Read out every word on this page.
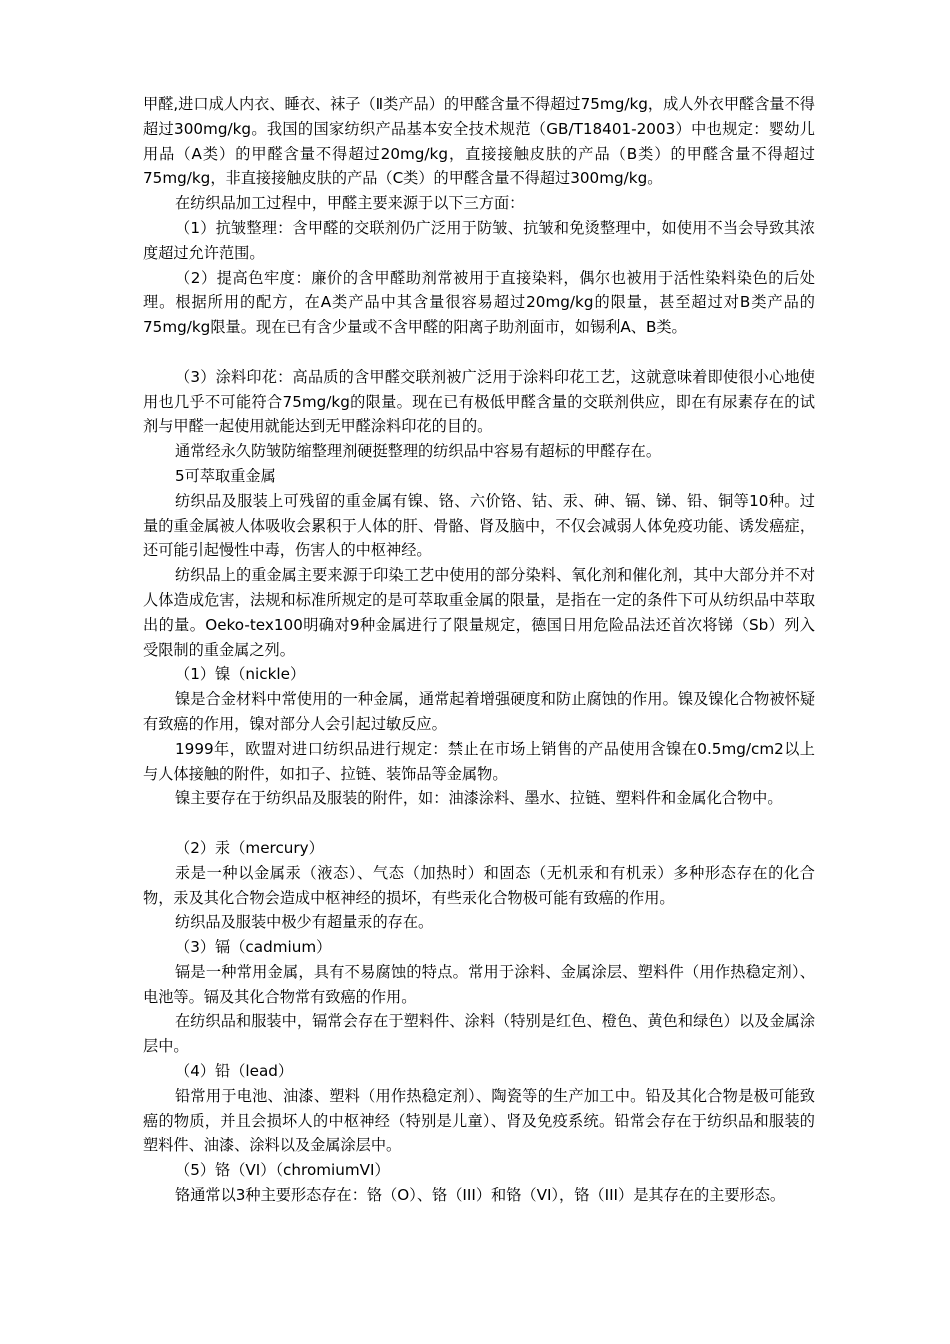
甲醛,进口成人内衣、睡衣、袜子（Ⅱ类产品）的甲醛含量不得超过75mg/kg，成人外衣甲醛含量不得超过300mg/kg。我国的国家纺织产品基本安全技术规范（GB/T18401-2003）中也规定：婴幼儿用品（A类）的甲醛含量不得超过20mg/kg，直接接触皮肤的产品（B类）的甲醛含量不得超过75mg/kg，非直接接触皮肤的产品（C类）的甲醛含量不得超过300mg/kg。

在纺织品加工过程中，甲醛主要来源于以下三方面：

（1）抗皱整理：含甲醛的交联剂仍广泛用于防皱、抗皱和免烫整理中，如使用不当会导致其浓度超过允许范围。

（2）提高色牢度：廉价的含甲醛助剂常被用于直接染料，偶尔也被用于活性染料染色的后处理。根据所用的配方，在A类产品中其含量很容易超过20mg/kg的限量，甚至超过对B类产品的75mg/kg限量。现在已有含少量或不含甲醛的阳离子助剂面市，如锡利A、B类。

（3）涂料印花：高品质的含甲醛交联剂被广泛用于涂料印花工艺，这就意味着即使很小心地使用也几乎不可能符合75mg/kg的限量。现在已有极低甲醛含量的交联剂供应，即在有尿素存在的试剂与甲醛一起使用就能达到无甲醛涂料印花的目的。

通常经永久防皱防缩整理剂硬挺整理的纺织品中容易有超标的甲醛存在。

5可萃取重金属

纺织品及服装上可残留的重金属有镍、铬、六价铬、钴、汞、砷、镉、锑、铅、铜等10种。过量的重金属被人体吸收会累积于人体的肝、骨骼、肾及脑中，不仅会减弱人体免疫功能、诱发癌症，还可能引起慢性中毒，伤害人的中枢神经。

纺织品上的重金属主要来源于印染工艺中使用的部分染料、氧化剂和催化剂，其中大部分并不对人体造成危害，法规和标准所规定的是可萃取重金属的限量，是指在一定的条件下可从纺织品中萃取出的量。Oeko-tex100明确对9种金属进行了限量规定，德国日用危险品法还首次将锑（Sb）列入受限制的重金属之列。

（1）镍（nickle）

镍是合金材料中常使用的一种金属，通常起着增强硬度和防止腐蚀的作用。镍及镍化合物被怀疑有致癌的作用，镍对部分人会引起过敏反应。

1999年，欧盟对进口纺织品进行规定：禁止在市场上销售的产品使用含镍在0.5mg/cm2以上与人体接触的附件，如扣子、拉链、装饰品等金属物。

镍主要存在于纺织品及服装的附件，如：油漆涂料、墨水、拉链、塑料件和金属化合物中。

（2）汞（mercury）

汞是一种以金属汞（液态）、气态（加热时）和固态（无机汞和有机汞）多种形态存在的化合物，汞及其化合物会造成中枢神经的损坏，有些汞化合物极可能有致癌的作用。

纺织品及服装中极少有超量汞的存在。

（3）镉（cadmium）

镉是一种常用金属，具有不易腐蚀的特点。常用于涂料、金属涂层、塑料件（用作热稳定剂）、电池等。镉及其化合物常有致癌的作用。

在纺织品和服装中，镉常会存在于塑料件、涂料（特别是红色、橙色、黄色和绿色）以及金属涂层中。

（4）铅（lead）

铅常用于电池、油漆、塑料（用作热稳定剂）、陶瓷等的生产加工中。铅及其化合物是极可能致癌的物质，并且会损坏人的中枢神经（特别是儿童）、肾及免疫系统。铅常会存在于纺织品和服装的塑料件、油漆、涂料以及金属涂层中。

（5）铬（VI）（chromiumVI）

铬通常以3种主要形态存在：铬（O）、铬（III）和铬（VI），铬（III）是其存在的主要形态。
